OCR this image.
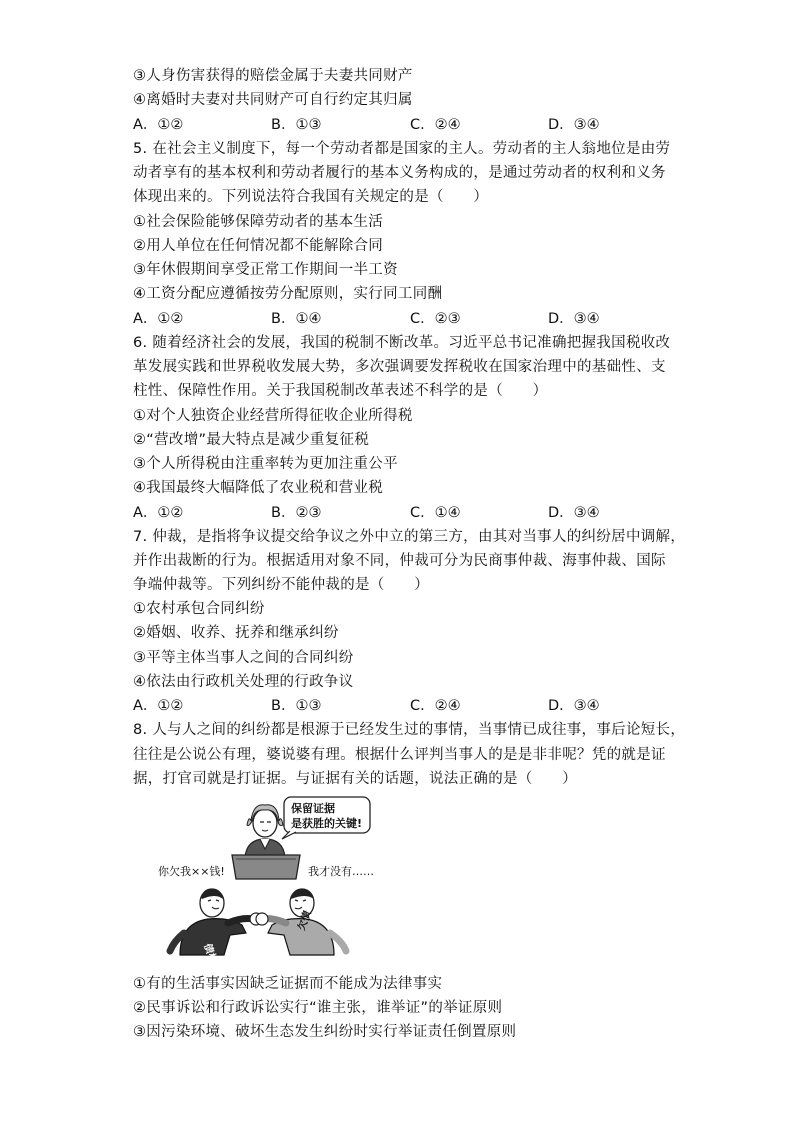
③人身伤害获得的赔偿金属于夫妻共同财产
④离婚时夫妻对共同财产可自行约定其归属
A．①②	B．①③	C．②④	D．③④
5. 在社会主义制度下，每一个劳动者都是国家的主人。劳动者的主人翁地位是由劳
动者享有的基本权利和劳动者履行的基本义务构成的，是通过劳动者的权利和义务
体现出来的。下列说法符合我国有关规定的是（　　）
①社会保险能够保障劳动者的基本生活
②用人单位在任何情况都不能解除合同
③年休假期间享受正常工作期间一半工资
④工资分配应遵循按劳分配原则，实行同工同酬
A．①②	B．①④	C．②③	D．③④
6. 随着经济社会的发展，我国的税制不断改革。习近平总书记准确把握我国税收改
革发展实践和世界税收发展大势，多次强调要发挥税收在国家治理中的基础性、支
柱性、保障性作用。关于我国税制改革表述不科学的是（　　）
①对个人独资企业经营所得征收企业所得税
②“营改增”最大特点是减少重复征税
③个人所得税由注重率转为更加注重公平
④我国最终大幅降低了农业税和营业税
A．①②	B．②③	C．①④	D．③④
7. 仲裁，是指将争议提交给争议之外中立的第三方，由其对当事人的纠纷居中调解，
并作出裁断的行为。根据适用对象不同，仲裁可分为民商事仲裁、海事仲裁、国际
争端仲裁等。下列纠纷不能仲裁的是（　　）
①农村承包合同纠纷
②婚姻、收养、抚养和继承纠纷
③平等主体当事人之间的合同纠纷
④依法由行政机关处理的行政争议
A．①②	B．①③	C．②④	D．③④
8. 人与人之间的纠纷都是根源于已经发生过的事情，当事情已成往事，事后论短长，
往往是公说公有理，婆说婆有理。根据什么评判当事人的是是非非呢？凭的就是证
据，打官司就是打证据。与证据有关的话题，说法正确的是（　　）
保留证据
是获胜的关键!
你欠我××钱!	我才没有……
债权
欠债
①有的生活事实因缺乏证据而不能成为法律事实
②民事诉讼和行政诉讼实行“谁主张，谁举证”的举证原则
③因污染环境、破坏生态发生纠纷时实行举证责任倒置原则
